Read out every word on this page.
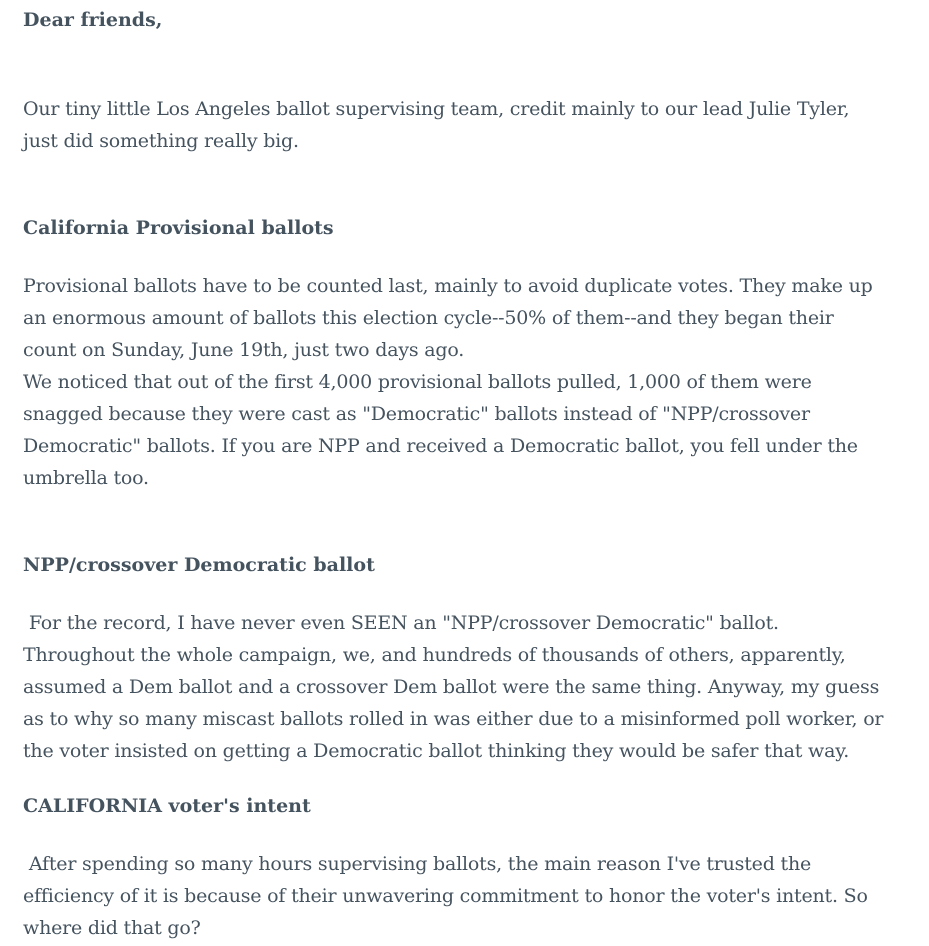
Dear friends,
Our tiny little Los Angeles ballot supervising team, credit mainly to our lead Julie Tyler,
just did something really big.
California Provisional ballots
Provisional ballots have to be counted last, mainly to avoid duplicate votes. They make up
an enormous amount of ballots this election cycle--50% of them--and they began their
count on Sunday, June 19th, just two days ago.
We noticed that out of the first 4,000 provisional ballots pulled, 1,000 of them were
snagged because they were cast as "Democratic" ballots instead of "NPP/crossover
Democratic" ballots. If you are NPP and received a Democratic ballot, you fell under the
umbrella too.
NPP/crossover Democratic ballot
For the record, I have never even SEEN an "NPP/crossover Democratic" ballot.
Throughout the whole campaign, we, and hundreds of thousands of others, apparently,
assumed a Dem ballot and a crossover Dem ballot were the same thing. Anyway, my guess
as to why so many miscast ballots rolled in was either due to a misinformed poll worker, or
the voter insisted on getting a Democratic ballot thinking they would be safer that way.
CALIFORNIA voter's intent
After spending so many hours supervising ballots, the main reason I've trusted the
efficiency of it is because of their unwavering commitment to honor the voter's intent. So
where did that go?
